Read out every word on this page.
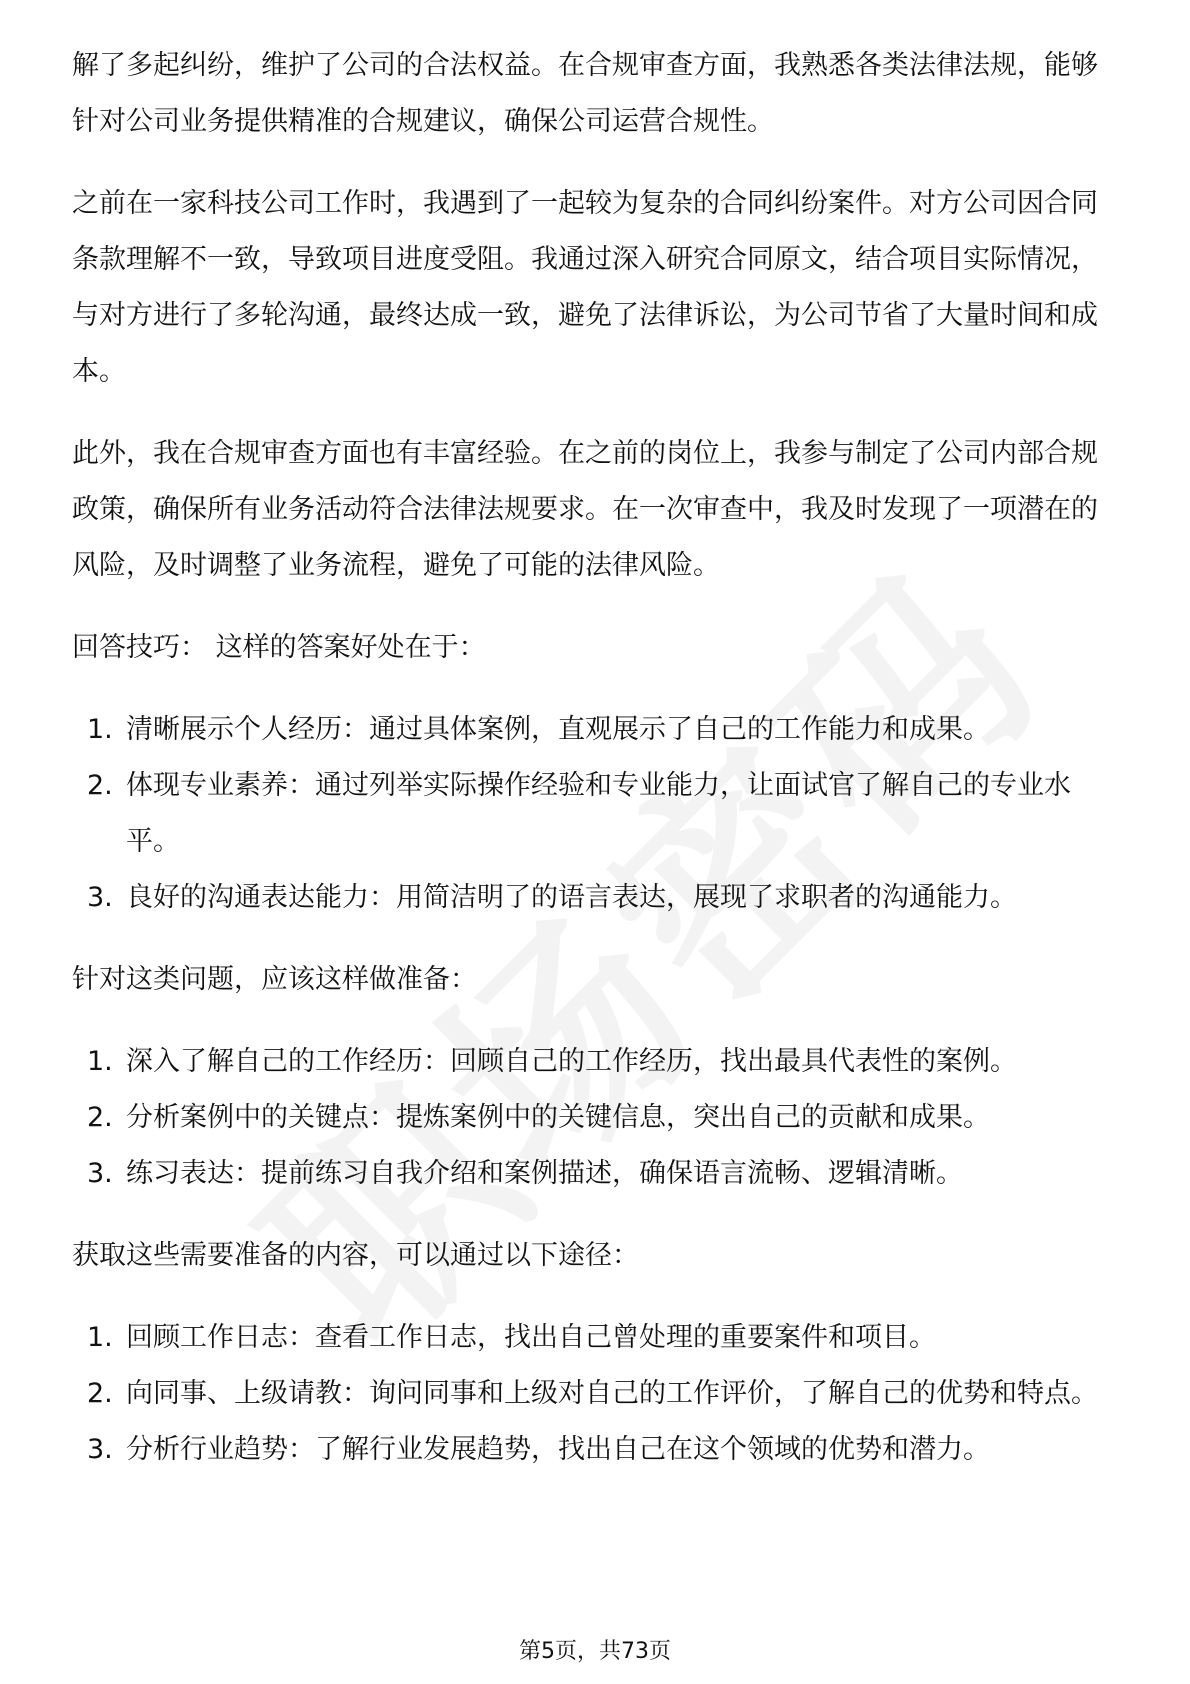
解了多起纠纷，维护了公司的合法权益。在合规审查方面，我熟悉各类法律法规，能够针对公司业务提供精准的合规建议，确保公司运营合规性。

之前在一家科技公司工作时，我遇到了一起较为复杂的合同纠纷案件。对方公司因合同条款理解不一致，导致项目进度受阻。我通过深入研究合同原文，结合项目实际情况，与对方进行了多轮沟通，最终达成一致，避免了法律诉讼，为公司节省了大量时间和成本。

此外，我在合规审查方面也有丰富经验。在之前的岗位上，我参与制定了公司内部合规政策，确保所有业务活动符合法律法规要求。在一次审查中，我及时发现了一项潜在的风险，及时调整了业务流程，避免了可能的法律风险。

回答技巧： 这样的答案好处在于：

1. 清晰展示个人经历：通过具体案例，直观展示了自己的工作能力和成果。
2. 体现专业素养：通过列举实际操作经验和专业能力，让面试官了解自己的专业水平。
3. 良好的沟通表达能力：用简洁明了的语言表达，展现了求职者的沟通能力。

针对这类问题，应该这样做准备：

1. 深入了解自己的工作经历：回顾自己的工作经历，找出最具代表性的案例。
2. 分析案例中的关键点：提炼案例中的关键信息，突出自己的贡献和成果。
3. 练习表达：提前练习自我介绍和案例描述，确保语言流畅、逻辑清晰。

获取这些需要准备的内容，可以通过以下途径：

1. 回顾工作日志：查看工作日志，找出自己曾处理的重要案件和项目。
2. 向同事、上级请教：询问同事和上级对自己的工作评价，了解自己的优势和特点。
3. 分析行业趋势：了解行业发展趋势，找出自己在这个领域的优势和潜力。
第5页，共73页
